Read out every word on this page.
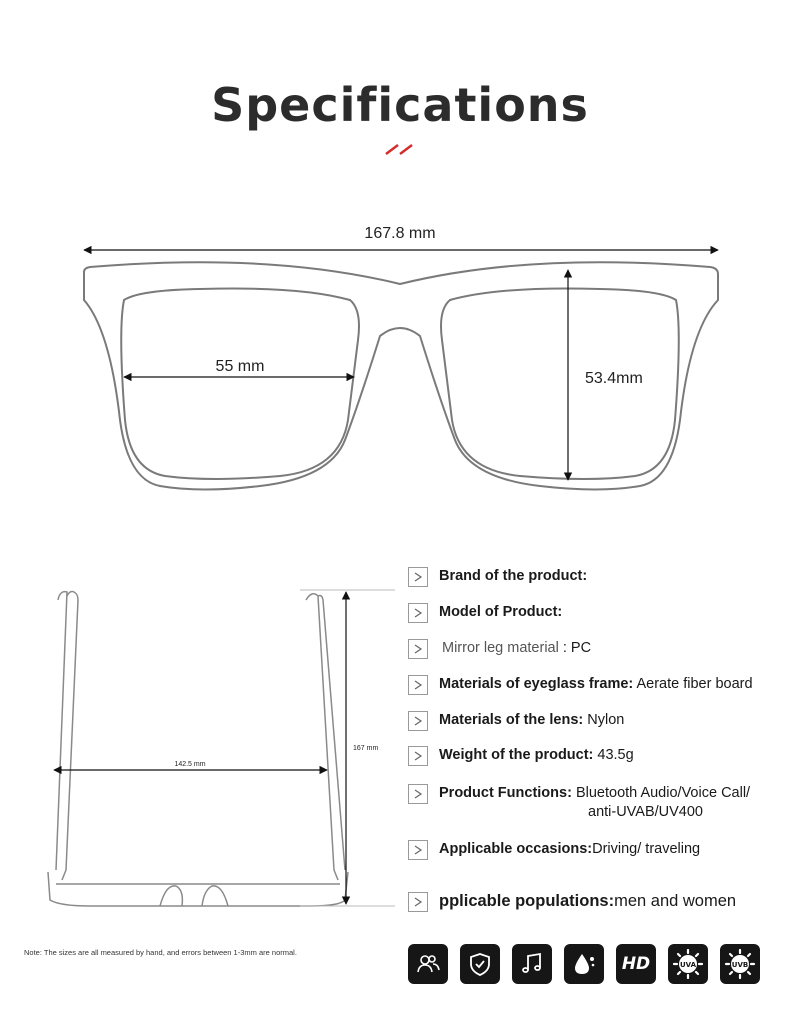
Specifications
167.8 mm
55 mm
53.4mm
142.5 mm
167 mm
Brand of the product:
Model of Product:
Mirror leg material : PC
Materials of eyeglass frame: Aerate fiber board
Materials of the lens: Nylon
Weight of the product: 43.5g
Product Functions: Bluetooth Audio/Voice Call/
anti-UVAB/UV400
Applicable occasions:Driving/ traveling
pplicable populations:men and women
Note: The sizes are all measured by hand, and errors between 1-3mm are normal.
HD	UVA	UVB
